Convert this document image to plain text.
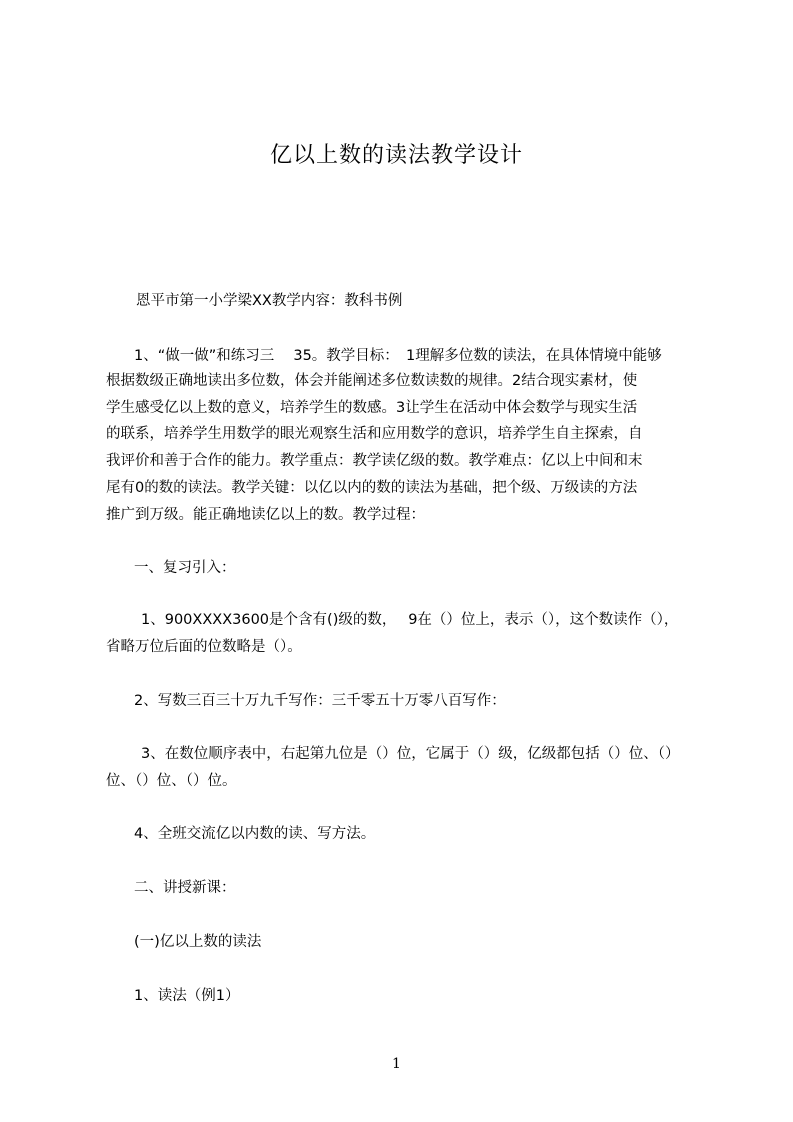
亿以上数的读法教学设计
恩平市第一小学梁XX教学内容：教科书例
1、“做一做”和练习三　 35。教学目标：　1理解多位数的读法，在具体情境中能够
根据数级正确地读出多位数，体会并能阐述多位数读数的规律。2结合现实素材，使
学生感受亿以上数的意义，培养学生的数感。3让学生在活动中体会数学与现实生活
的联系，培养学生用数学的眼光观察生活和应用数学的意识，培养学生自主探索，自
我评价和善于合作的能力。教学重点：教学读亿级的数。教学难点：亿以上中间和末
尾有0的数的读法。教学关键：以亿以内的数的读法为基础，把个级、万级读的方法
推广到万级。能正确地读亿以上的数。教学过程：
一、复习引入：
1、900XXXX3600是个含有()级的数，　 9在（）位上，表示（），这个数读作（），
省略万位后面的位数略是（）。
2、写数三百三十万九千写作：三千零五十万零八百写作：
3、在数位顺序表中，右起第九位是（）位，它属于（）级，亿级都包括（）位、（）
位、（）位、（）位。
4、全班交流亿以内数的读、写方法。
二、讲授新课：
(一)亿以上数的读法
1、读法（例1）
1
